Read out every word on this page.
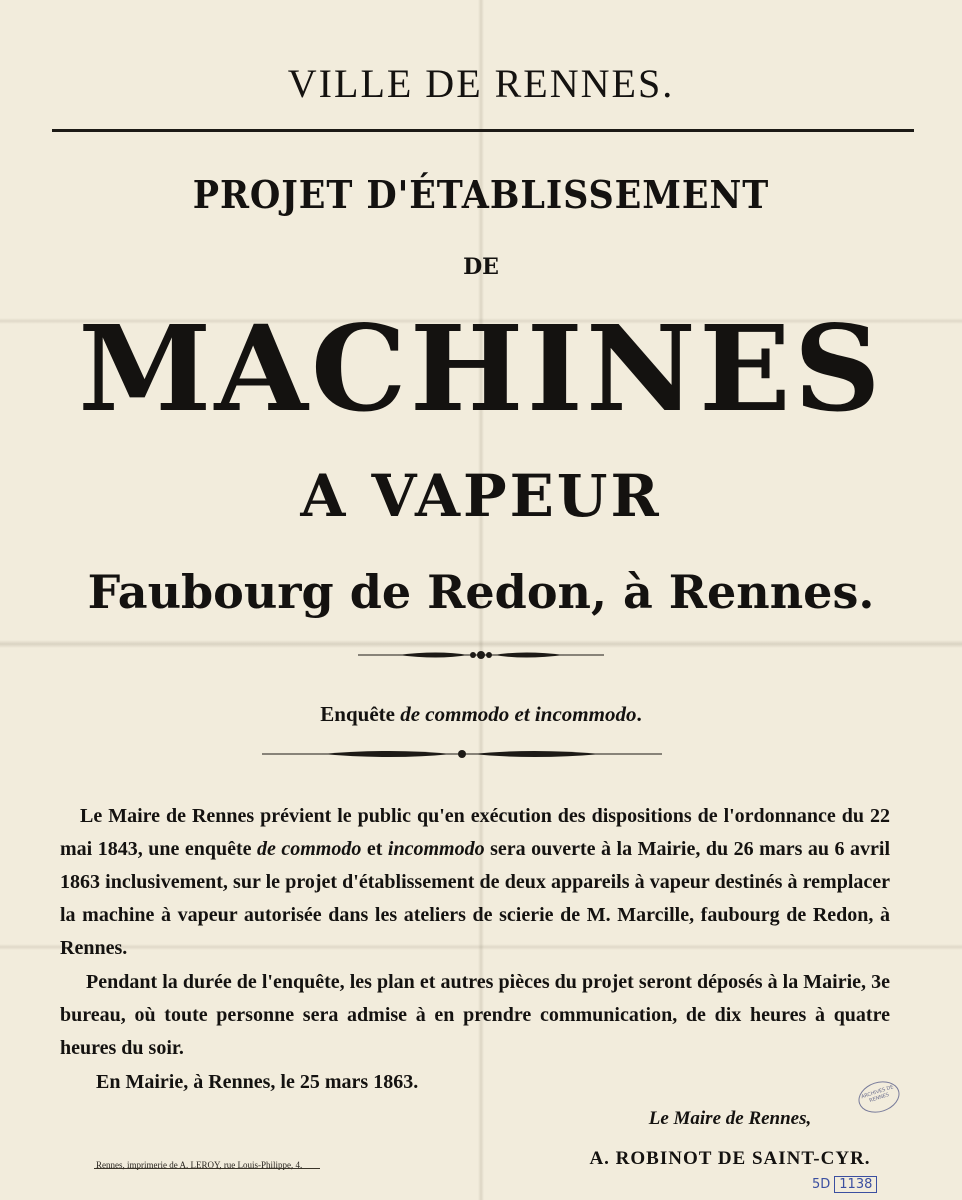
VILLE DE RENNES.
PROJET D'ÉTABLISSEMENT
DE
MACHINES
A VAPEUR
Faubourg de Redon, à Rennes.
Enquête de commodo et incommodo.
Le Maire de Rennes prévient le public qu'en exécution des dispositions de l'ordonnance du 22 mai 1843, une enquête de commodo et incommodo sera ouverte à la Mairie, du 26 mars au 6 avril 1863 inclusivement, sur le projet d'établissement de deux appareils à vapeur destinés à remplacer la machine à vapeur autorisée dans les ateliers de scierie de M. Marcille, faubourg de Redon, à Rennes.
Pendant la durée de l'enquête, les plan et autres pièces du projet seront déposés à la Mairie, 3e bureau, où toute personne sera admise à en prendre communication, de dix heures à quatre heures du soir.
En Mairie, à Rennes, le 25 mars 1863.
Le Maire de Rennes,
A. ROBINOT DE SAINT-CYR.
Rennes, imprimerie de A. LEROY, rue Louis-Philippe, 4.
ARCHIVES DE RENNES
5D 1138
